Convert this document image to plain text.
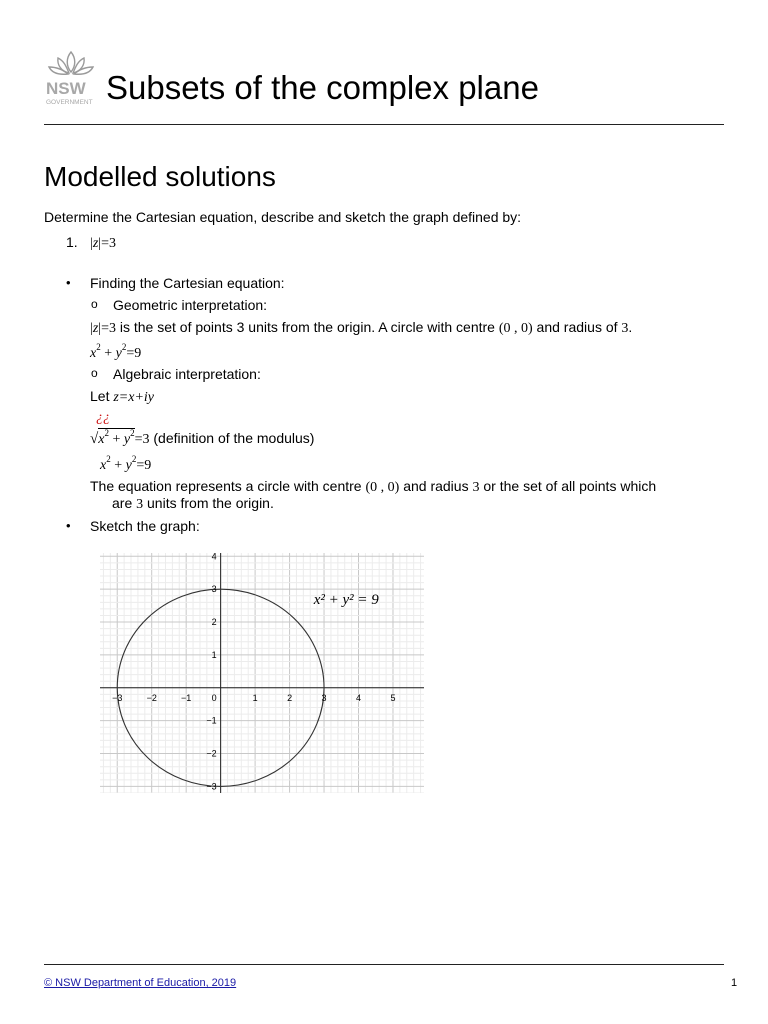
NSW
GOVERNMENT Subsets of the complex plane
Modelled solutions
Determine the Cartesian equation, describe and sketch the graph defined by:
1. |z|=3
• Finding the Cartesian equation:
o Geometric interpretation:
|z|=3 is the set of points 3 units from the origin. A circle with centre (0 , 0) and radius of 3.
$x^2 + y^2=9$
o Algebraic interpretation:
Let z=x+iy
¿¿
$√x^2 + y^2=3$ (definition of the modulus)
$x^2 + y^2=9$
The equation represents a circle with centre (0 , 0) and radius 3 or the set of all points which
are 3 units from the origin.
• Sketch the graph:
−3	−2	−1 0	1	2	3	4	5
4
3
2
1
−1
−2
−3
x² + y² = 9
© NSW Department of Education, 2019	1
